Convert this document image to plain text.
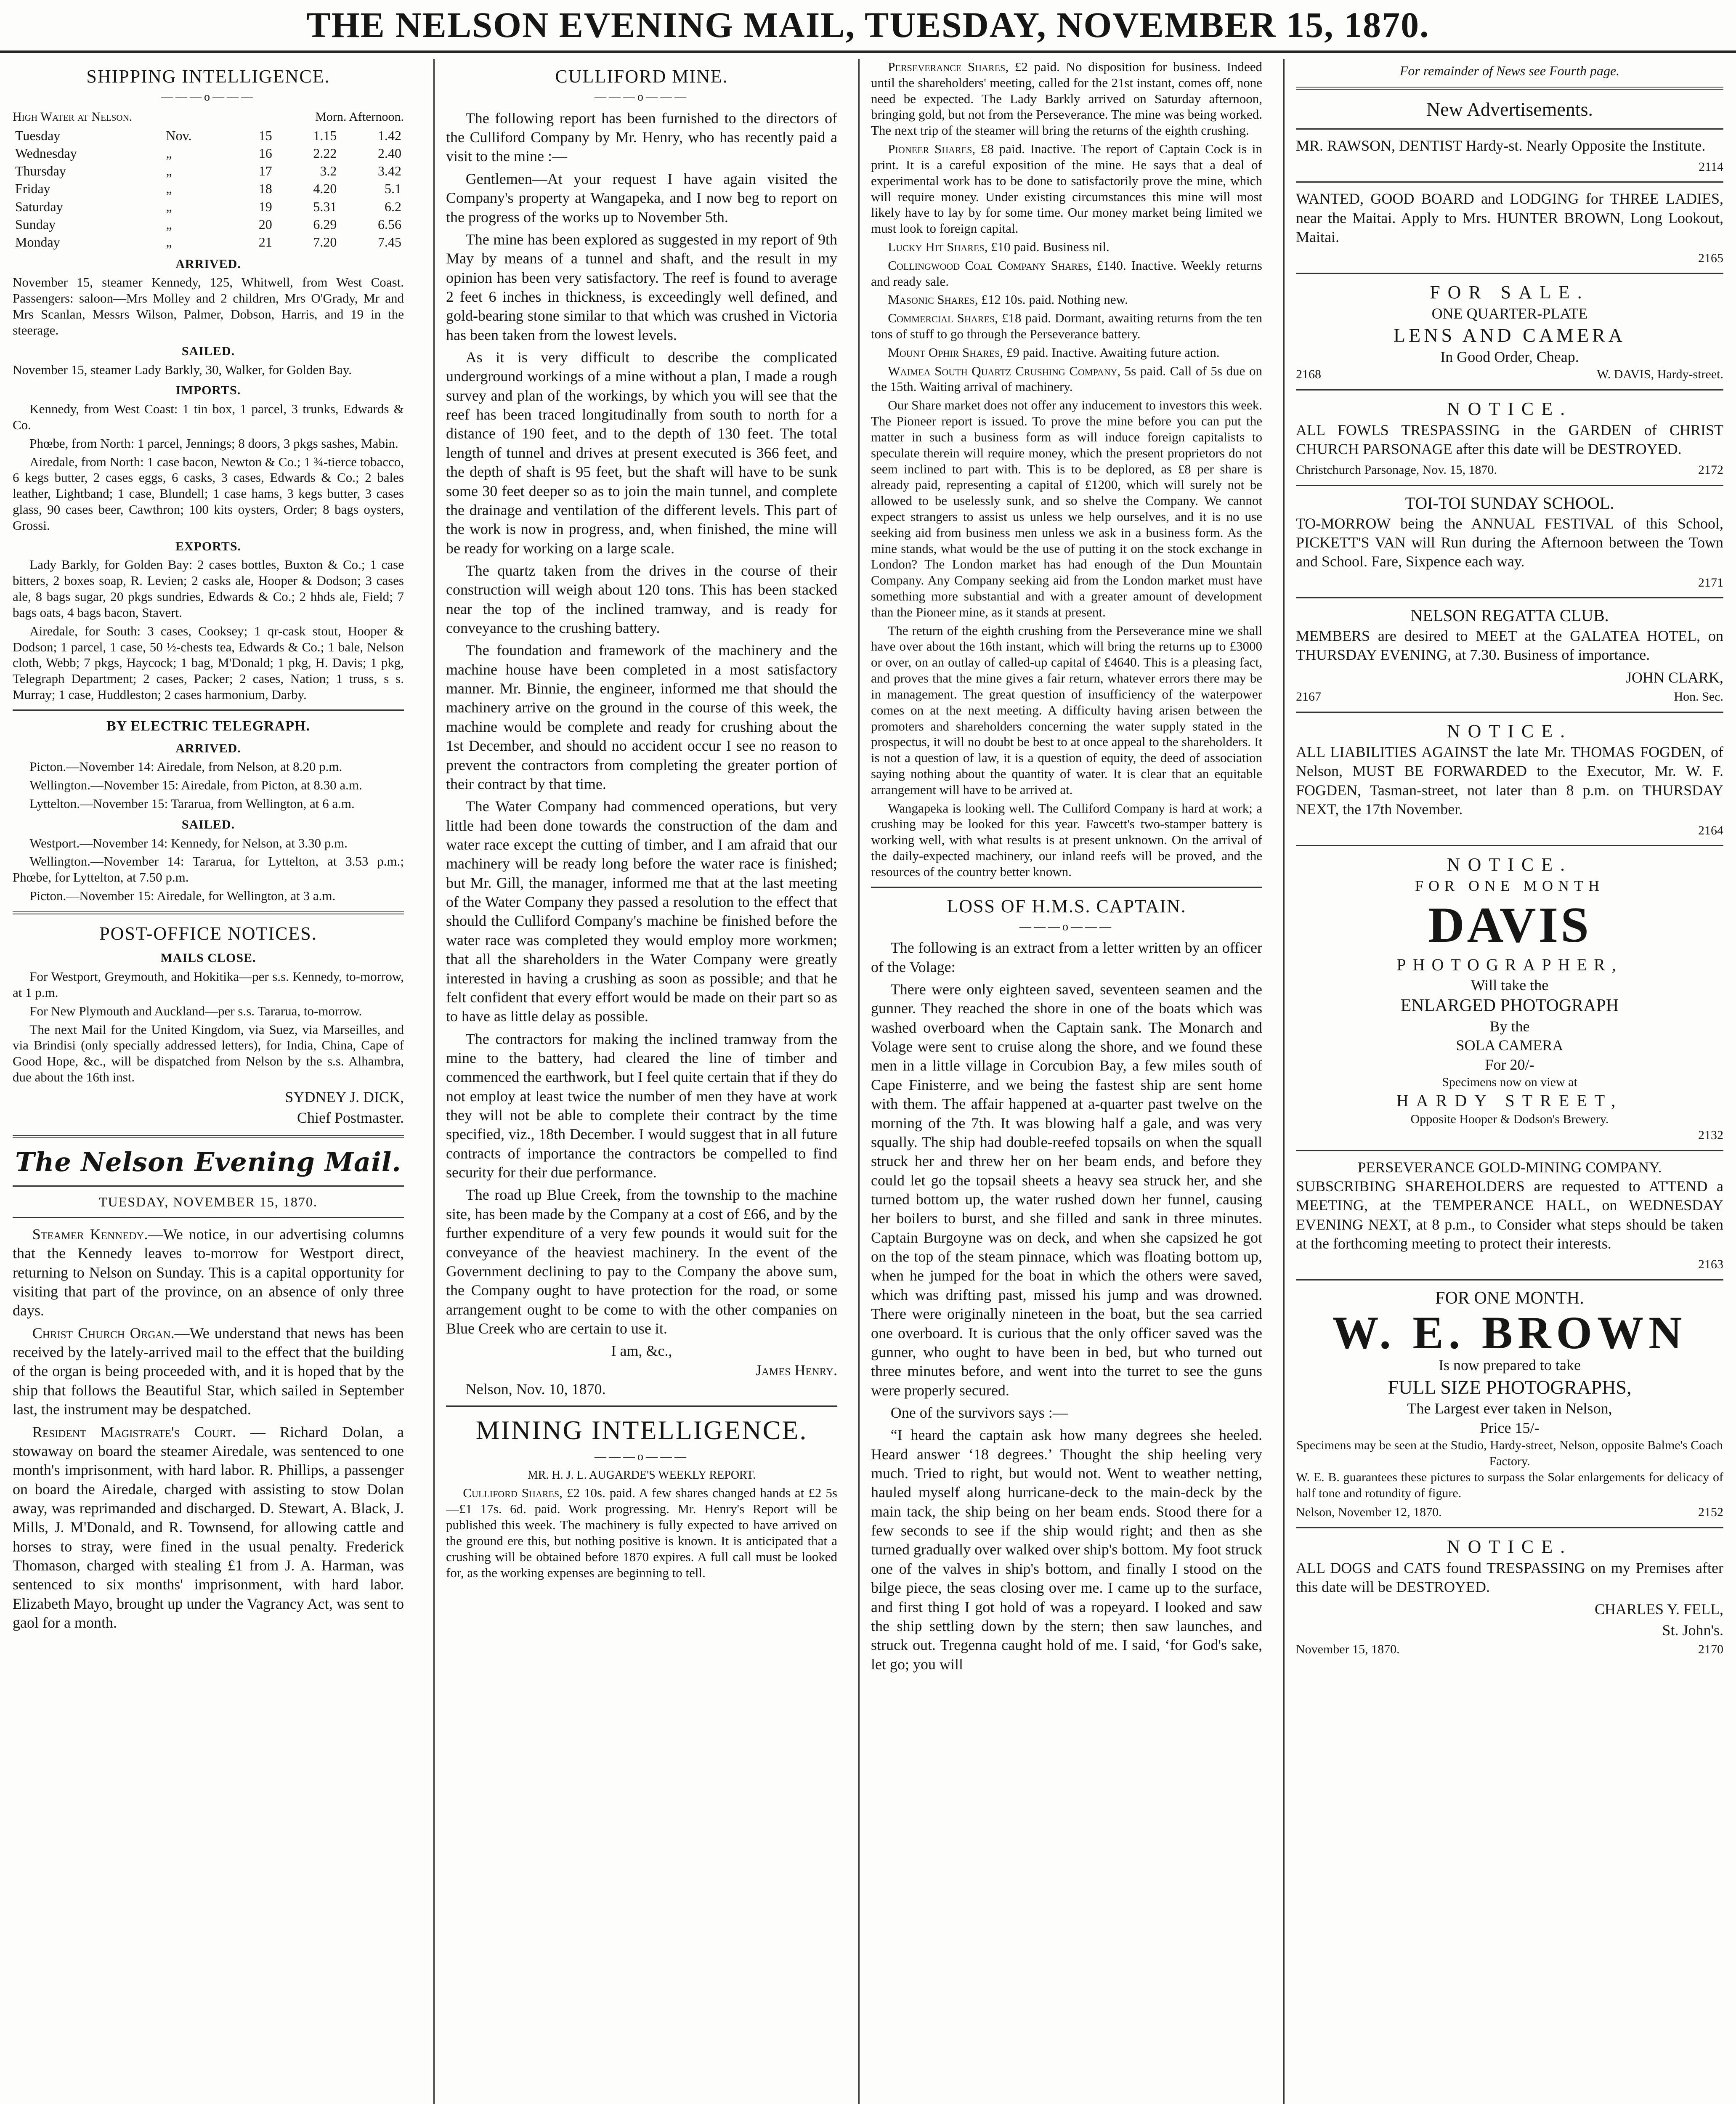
THE NELSON EVENING MAIL, TUESDAY, NOVEMBER 15, 1870.
SHIPPING INTELLIGENCE.
———o———
High Water at Nelson.	Morn. Afternoon.
Tuesday	Nov.	15	1.15	1.42
Wednesday	„	16	2.22	2.40
Thursday	„	17	3.2	3.42
Friday	„	18	4.20	5.1
Saturday	„	19	5.31	6.2
Sunday	„	20	6.29	6.56
Monday	„	21	7.20	7.45
ARRIVED.

November 15, steamer Kennedy, 125, Whitwell, from West Coast. Passengers: saloon—Mrs Molley and 2 children, Mrs O'Grady, Mr and Mrs Scanlan, Messrs Wilson, Palmer, Dobson, Harris, and 19 in the steerage.

SAILED.

November 15, steamer Lady Barkly, 30, Walker, for Golden Bay.

IMPORTS.

Kennedy, from West Coast: 1 tin box, 1 parcel, 3 trunks, Edwards & Co.

Phœbe, from North: 1 parcel, Jennings; 8 doors, 3 pkgs sashes, Mabin.

Airedale, from North: 1 case bacon, Newton & Co.; 1 ¾-tierce tobacco, 6 kegs butter, 2 cases eggs, 6 casks, 3 cases, Edwards & Co.; 2 bales leather, Lightband; 1 case, Blundell; 1 case hams, 3 kegs butter, 3 cases glass, 90 cases beer, Cawthron; 100 kits oysters, Order; 8 bags oysters, Grossi.

EXPORTS.

Lady Barkly, for Golden Bay: 2 cases bottles, Buxton & Co.; 1 case bitters, 2 boxes soap, R. Levien; 2 casks ale, Hooper & Dodson; 3 cases ale, 8 bags sugar, 20 pkgs sundries, Edwards & Co.; 2 hhds ale, Field; 7 bags oats, 4 bags bacon, Stavert.

Airedale, for South: 3 cases, Cooksey; 1 qr-cask stout, Hooper & Dodson; 1 parcel, 1 case, 50 ½-chests tea, Edwards & Co.; 1 bale, Nelson cloth, Webb; 7 pkgs, Haycock; 1 bag, M'Donald; 1 pkg, H. Davis; 1 pkg, Telegraph Department; 2 cases, Packer; 2 cases, Nation; 1 truss, s s. Murray; 1 case, Huddleston; 2 cases harmonium, Darby.

BY ELECTRIC TELEGRAPH.
ARRIVED.

Picton.—November 14: Airedale, from Nelson, at 8.20 p.m.

Wellington.—November 15: Airedale, from Picton, at 8.30 a.m.

Lyttelton.—November 15: Tararua, from Wellington, at 6 a.m.

SAILED.

Westport.—November 14: Kennedy, for Nelson, at 3.30 p.m.

Wellington.—November 14: Tararua, for Lyttelton, at 3.53 p.m.; Phœbe, for Lyttelton, at 7.50 p.m.

Picton.—November 15: Airedale, for Wellington, at 3 a.m.

POST-OFFICE NOTICES.
MAILS CLOSE.

For Westport, Greymouth, and Hokitika—per s.s. Kennedy, to-morrow, at 1 p.m.

For New Plymouth and Auckland—per s.s. Tararua, to-morrow.

The next Mail for the United Kingdom, via Suez, via Marseilles, and via Brindisi (only specially addressed letters), for India, China, Cape of Good Hope, &c., will be dispatched from Nelson by the s.s. Alhambra, due about the 16th inst.

SYDNEY J. DICK,
Chief Postmaster.
The Nelson Evening Mail.
TUESDAY, NOVEMBER 15, 1870.

Steamer Kennedy.—We notice, in our advertising columns that the Kennedy leaves to-morrow for Westport direct, returning to Nelson on Sunday. This is a capital opportunity for visiting that part of the province, on an absence of only three days.

Christ Church Organ.—We understand that news has been received by the lately-arrived mail to the effect that the building of the organ is being proceeded with, and it is hoped that by the ship that follows the Beautiful Star, which sailed in September last, the instrument may be despatched.

Resident Magistrate's Court. — Richard Dolan, a stowaway on board the steamer Airedale, was sentenced to one month's imprisonment, with hard labor. R. Phillips, a passenger on board the Airedale, charged with assisting to stow Dolan away, was reprimanded and discharged. D. Stewart, A. Black, J. Mills, J. M'Donald, and R. Townsend, for allowing cattle and horses to stray, were fined in the usual penalty. Frederick Thomason, charged with stealing £1 from J. A. Harman, was sentenced to six months' imprisonment, with hard labor. Elizabeth Mayo, brought up under the Vagrancy Act, was sent to gaol for a month.

CULLIFORD MINE.
———o———

The following report has been furnished to the directors of the Culliford Company by Mr. Henry, who has recently paid a visit to the mine :—

Gentlemen—At your request I have again visited the Company's property at Wangapeka, and I now beg to report on the progress of the works up to November 5th.

The mine has been explored as suggested in my report of 9th May by means of a tunnel and shaft, and the result in my opinion has been very satisfactory. The reef is found to average 2 feet 6 inches in thickness, is exceedingly well defined, and gold-bearing stone similar to that which was crushed in Victoria has been taken from the lowest levels.

As it is very difficult to describe the complicated underground workings of a mine without a plan, I made a rough survey and plan of the workings, by which you will see that the reef has been traced longitudinally from south to north for a distance of 190 feet, and to the depth of 130 feet. The total length of tunnel and drives at present executed is 366 feet, and the depth of shaft is 95 feet, but the shaft will have to be sunk some 30 feet deeper so as to join the main tunnel, and complete the drainage and ventilation of the different levels. This part of the work is now in progress, and, when finished, the mine will be ready for working on a large scale.

The quartz taken from the drives in the course of their construction will weigh about 120 tons. This has been stacked near the top of the inclined tramway, and is ready for conveyance to the crushing battery.

The foundation and framework of the machinery and the machine house have been completed in a most satisfactory manner. Mr. Binnie, the engineer, informed me that should the machinery arrive on the ground in the course of this week, the machine would be complete and ready for crushing about the 1st December, and should no accident occur I see no reason to prevent the contractors from completing the greater portion of their contract by that time.

The Water Company had commenced operations, but very little had been done towards the construction of the dam and water race except the cutting of timber, and I am afraid that our machinery will be ready long before the water race is finished; but Mr. Gill, the manager, informed me that at the last meeting of the Water Company they passed a resolution to the effect that should the Culliford Company's machine be finished before the water race was completed they would employ more workmen; that all the shareholders in the Water Company were greatly interested in having a crushing as soon as possible; and that he felt confident that every effort would be made on their part so as to have as little delay as possible.

The contractors for making the inclined tramway from the mine to the battery, had cleared the line of timber and commenced the earthwork, but I feel quite certain that if they do not employ at least twice the number of men they have at work they will not be able to complete their contract by the time specified, viz., 18th December. I would suggest that in all future contracts of importance the contractors be compelled to find security for their due performance.

The road up Blue Creek, from the township to the machine site, has been made by the Company at a cost of £66, and by the further expenditure of a very few pounds it would suit for the conveyance of the heaviest machinery. In the event of the Government declining to pay to the Company the above sum, the Company ought to have protection for the road, or some arrangement ought to be come to with the other companies on Blue Creek who are certain to use it.

I am, &c.,
James Henry.

Nelson, Nov. 10, 1870.

MINING INTELLIGENCE.
———o———
MR. H. J. L. AUGARDE'S WEEKLY REPORT.

Culliford Shares, £2 10s. paid. A few shares changed hands at £2 5s—£1 17s. 6d. paid. Work progressing. Mr. Henry's Report will be published this week. The machinery is fully expected to have arrived on the ground ere this, but nothing positive is known. It is anticipated that a crushing will be obtained before 1870 expires. A full call must be looked for, as the working expenses are beginning to tell.

Perseverance Shares, £2 paid. No disposition for business. Indeed until the shareholders' meeting, called for the 21st instant, comes off, none need be expected. The Lady Barkly arrived on Saturday afternoon, bringing gold, but not from the Perseverance. The mine was being worked. The next trip of the steamer will bring the returns of the eighth crushing.

Pioneer Shares, £8 paid. Inactive. The report of Captain Cock is in print. It is a careful exposition of the mine. He says that a deal of experimental work has to be done to satisfactorily prove the mine, which will require money. Under existing circumstances this mine will most likely have to lay by for some time. Our money market being limited we must look to foreign capital.

Lucky Hit Shares, £10 paid. Business nil.

Collingwood Coal Company Shares, £140. Inactive. Weekly returns and ready sale.

Masonic Shares, £12 10s. paid. Nothing new.

Commercial Shares, £18 paid. Dormant, awaiting returns from the ten tons of stuff to go through the Perseverance battery.

Mount Ophir Shares, £9 paid. Inactive. Awaiting future action.

Waimea South Quartz Crushing Company, 5s paid. Call of 5s due on the 15th. Waiting arrival of machinery.

Our Share market does not offer any inducement to investors this week. The Pioneer report is issued. To prove the mine before you can put the matter in such a business form as will induce foreign capitalists to speculate therein will require money, which the present proprietors do not seem inclined to part with. This is to be deplored, as £8 per share is already paid, representing a capital of £1200, which will surely not be allowed to be uselessly sunk, and so shelve the Company. We cannot expect strangers to assist us unless we help ourselves, and it is no use seeking aid from business men unless we ask in a business form. As the mine stands, what would be the use of putting it on the stock exchange in London? The London market has had enough of the Dun Mountain Company. Any Company seeking aid from the London market must have something more substantial and with a greater amount of development than the Pioneer mine, as it stands at present.

The return of the eighth crushing from the Perseverance mine we shall have over about the 16th instant, which will bring the returns up to £3000 or over, on an outlay of called-up capital of £4640. This is a pleasing fact, and proves that the mine gives a fair return, whatever errors there may be in management. The great question of insufficiency of the waterpower comes on at the next meeting. A difficulty having arisen between the promoters and shareholders concerning the water supply stated in the prospectus, it will no doubt be best to at once appeal to the shareholders. It is not a question of law, it is a question of equity, the deed of association saying nothing about the quantity of water. It is clear that an equitable arrangement will have to be arrived at.

Wangapeka is looking well. The Culliford Company is hard at work; a crushing may be looked for this year. Fawcett's two-stamper battery is working well, with what results is at present unknown. On the arrival of the daily-expected machinery, our inland reefs will be proved, and the resources of the country better known.

LOSS OF H.M.S. CAPTAIN.
———o———

The following is an extract from a letter written by an officer of the Volage:

There were only eighteen saved, seventeen seamen and the gunner. They reached the shore in one of the boats which was washed overboard when the Captain sank. The Monarch and Volage were sent to cruise along the shore, and we found these men in a little village in Corcubion Bay, a few miles south of Cape Finisterre, and we being the fastest ship are sent home with them. The affair happened at a-quarter past twelve on the morning of the 7th. It was blowing half a gale, and was very squally. The ship had double-reefed topsails on when the squall struck her and threw her on her beam ends, and before they could let go the topsail sheets a heavy sea struck her, and she turned bottom up, the water rushed down her funnel, causing her boilers to burst, and she filled and sank in three minutes. Captain Burgoyne was on deck, and when she capsized he got on the top of the steam pinnace, which was floating bottom up, when he jumped for the boat in which the others were saved, which was drifting past, missed his jump and was drowned. There were originally nineteen in the boat, but the sea carried one overboard. It is curious that the only officer saved was the gunner, who ought to have been in bed, but who turned out three minutes before, and went into the turret to see the guns were properly secured.

One of the survivors says :—

“I heard the captain ask how many degrees she heeled. Heard answer ‘18 degrees.’ Thought the ship heeling very much. Tried to right, but would not. Went to weather netting, hauled myself along hurricane-deck to the main-deck by the main tack, the ship being on her beam ends. Stood there for a few seconds to see if the ship would right; and then as she turned gradually over walked over ship's bottom. My foot struck one of the valves in ship's bottom, and finally I stood on the bilge piece, the seas closing over me. I came up to the surface, and first thing I got hold of was a ropeyard. I looked and saw the ship settling down by the stern; then saw launches, and struck out. Tregenna caught hold of me. I said, ‘for God's sake, let go; you will

For remainder of News see Fourth page.
New Advertisements.

MR. RAWSON, DENTIST Hardy-st. Nearly Opposite the Institute.

2114

WANTED, GOOD BOARD and LODGING for THREE LADIES, near the Maitai. Apply to Mrs. HUNTER BROWN, Long Lookout, Maitai.

2165
FOR SALE.
ONE QUARTER-PLATE
LENS AND CAMERA
In Good Order, Cheap.
2168	W. DAVIS, Hardy-street.
NOTICE.

ALL FOWLS TRESPASSING in the GARDEN of CHRIST CHURCH PARSONAGE after this date will be DESTROYED.

Christchurch Parsonage, Nov. 15, 1870.	2172
TOI-TOI SUNDAY SCHOOL.

TO-MORROW being the ANNUAL FESTIVAL of this School, PICKETT'S VAN will Run during the Afternoon between the Town and School. Fare, Sixpence each way.

2171
NELSON REGATTA CLUB.

MEMBERS are desired to MEET at the GALATEA HOTEL, on THURSDAY EVENING, at 7.30. Business of importance.

JOHN CLARK,
2167	Hon. Sec.
NOTICE.

ALL LIABILITIES AGAINST the late Mr. THOMAS FOGDEN, of Nelson, MUST BE FORWARDED to the Executor, Mr. W. F. FOGDEN, Tasman-street, not later than 8 p.m. on THURSDAY NEXT, the 17th November.

2164
NOTICE.
FOR ONE MONTH
DAVIS
PHOTOGRAPHER,
Will take the
ENLARGED PHOTOGRAPH
By the
SOLA CAMERA
For 20/-
Specimens now on view at
HARDY STREET,
Opposite Hooper & Dodson's Brewery.
2132
PERSEVERANCE GOLD-MINING COMPANY.

SUBSCRIBING SHAREHOLDERS are requested to ATTEND a MEETING, at the TEMPERANCE HALL, on WEDNESDAY EVENING NEXT, at 8 p.m., to Consider what steps should be taken at the forthcoming meeting to protect their interests.

2163
FOR ONE MONTH.
W. E. BROWN
Is now prepared to take
FULL SIZE PHOTOGRAPHS,
The Largest ever taken in Nelson,
Price 15/-
Specimens may be seen at the Studio, Hardy-street, Nelson, opposite Balme's Coach Factory.

W. E. B. guarantees these pictures to surpass the Solar enlargements for delicacy of half tone and rotundity of figure.

Nelson, November 12, 1870.	2152
NOTICE.

ALL DOGS and CATS found TRESPASSING on my Premises after this date will be DESTROYED.

CHARLES Y. FELL,
St. John's.
November 15, 1870.	2170
